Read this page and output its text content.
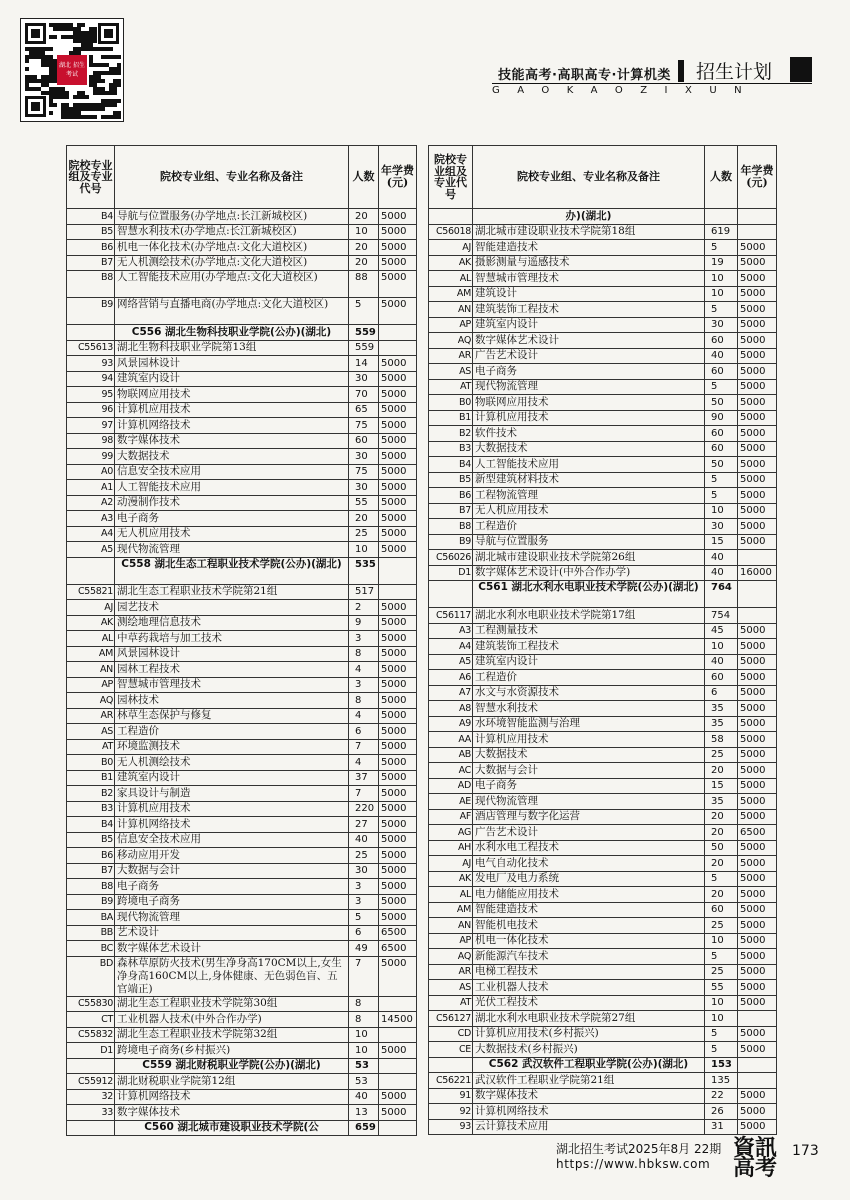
湖北 招生考试	技能高考·高职高专·计算机类 招生计划
GAOKAOZIXUN
院校专业组及专业代号	院校专业组、专业名称及备注	人数	年学费(元)
B4	导航与位置服务(办学地点:长江新城校区)	20	5000
B5	智慧水利技术(办学地点:长江新城校区)	10	5000
B6	机电一体化技术(办学地点:文化大道校区)	20	5000
B7	无人机测绘技术(办学地点:文化大道校区)	20	5000
B8	人工智能技术应用(办学地点:文化大道校区)	88	5000
B9	网络营销与直播电商(办学地点:文化大道校区)	5	5000
	C556 湖北生物科技职业学院(公办)(湖北)	559	
C55613	湖北生物科技职业学院第13组	559	
93	风景园林设计	14	5000
94	建筑室内设计	30	5000
95	物联网应用技术	70	5000
96	计算机应用技术	65	5000
97	计算机网络技术	75	5000
98	数字媒体技术	60	5000
99	大数据技术	30	5000
A0	信息安全技术应用	75	5000
A1	人工智能技术应用	30	5000
A2	动漫制作技术	55	5000
A3	电子商务	20	5000
A4	无人机应用技术	25	5000
A5	现代物流管理	10	5000
	C558 湖北生态工程职业技术学院(公办)(湖北)	535	
C55821	湖北生态工程职业技术学院第21组	517	
AJ	园艺技术	2	5000
AK	测绘地理信息技术	9	5000
AL	中草药栽培与加工技术	3	5000
AM	风景园林设计	8	5000
AN	园林工程技术	4	5000
AP	智慧城市管理技术	3	5000
AQ	园林技术	8	5000
AR	林草生态保护与修复	4	5000
AS	工程造价	6	5000
AT	环境监测技术	7	5000
B0	无人机测绘技术	4	5000
B1	建筑室内设计	37	5000
B2	家具设计与制造	7	5000
B3	计算机应用技术	220	5000
B4	计算机网络技术	27	5000
B5	信息安全技术应用	40	5000
B6	移动应用开发	25	5000
B7	大数据与会计	30	5000
B8	电子商务	3	5000
B9	跨境电子商务	3	5000
BA	现代物流管理	5	5000
BB	艺术设计	6	6500
BC	数字媒体艺术设计	49	6500
BD	森林草原防火技术(男生净身高170CM以上,女生净身高160CM以上,身体健康、无色弱色盲、五官端正)	7	5000
C55830	湖北生态工程职业技术学院第30组	8	
CT	工业机器人技术(中外合作办学)	8	14500
C55832	湖北生态工程职业技术学院第32组	10	
D1	跨境电子商务(乡村振兴)	10	5000
	C559 湖北财税职业学院(公办)(湖北)	53	
C55912	湖北财税职业学院第12组	53	
32	计算机网络技术	40	5000
33	数字媒体技术	13	5000
	C560 湖北城市建设职业技术学院(公	659	
院校专业组及专业代号	院校专业组、专业名称及备注	人数	年学费(元)
	办)(湖北)		
C56018	湖北城市建设职业技术学院第18组	619	
AJ	智能建造技术	5	5000
AK	摄影测量与遥感技术	19	5000
AL	智慧城市管理技术	10	5000
AM	建筑设计	10	5000
AN	建筑装饰工程技术	5	5000
AP	建筑室内设计	30	5000
AQ	数字媒体艺术设计	60	5000
AR	广告艺术设计	40	5000
AS	电子商务	60	5000
AT	现代物流管理	5	5000
B0	物联网应用技术	50	5000
B1	计算机应用技术	90	5000
B2	软件技术	60	5000
B3	大数据技术	60	5000
B4	人工智能技术应用	50	5000
B5	新型建筑材料技术	5	5000
B6	工程物流管理	5	5000
B7	无人机应用技术	10	5000
B8	工程造价	30	5000
B9	导航与位置服务	15	5000
C56026	湖北城市建设职业技术学院第26组	40	
D1	数字媒体艺术设计(中外合作办学)	40	16000
	C561 湖北水利水电职业技术学院(公办)(湖北)	764	
C56117	湖北水利水电职业技术学院第17组	754	
A3	工程测量技术	45	5000
A4	建筑装饰工程技术	10	5000
A5	建筑室内设计	40	5000
A6	工程造价	60	5000
A7	水文与水资源技术	6	5000
A8	智慧水利技术	35	5000
A9	水环境智能监测与治理	35	5000
AA	计算机应用技术	58	5000
AB	大数据技术	25	5000
AC	大数据与会计	20	5000
AD	电子商务	15	5000
AE	现代物流管理	35	5000
AF	酒店管理与数字化运营	20	5000
AG	广告艺术设计	20	6500
AH	水利水电工程技术	50	5000
AJ	电气自动化技术	20	5000
AK	发电厂及电力系统	5	5000
AL	电力储能应用技术	20	5000
AM	智能建造技术	60	5000
AN	智能机电技术	25	5000
AP	机电一体化技术	10	5000
AQ	新能源汽车技术	5	5000
AR	电梯工程技术	25	5000
AS	工业机器人技术	55	5000
AT	光伏工程技术	10	5000
C56127	湖北水利水电职业技术学院第27组	10	
CD	计算机应用技术(乡村振兴)	5	5000
CE	大数据技术(乡村振兴)	5	5000
	C562 武汉软件工程职业学院(公办)(湖北)	153	
C56221	武汉软件工程职业学院第21组	135	
91	数字媒体技术	22	5000
92	计算机网络技术	26	5000
93	云计算技术应用	31	5000
湖北招生考试2025年8月 22期
https://www.hbksw.com
資訊 高考
173
